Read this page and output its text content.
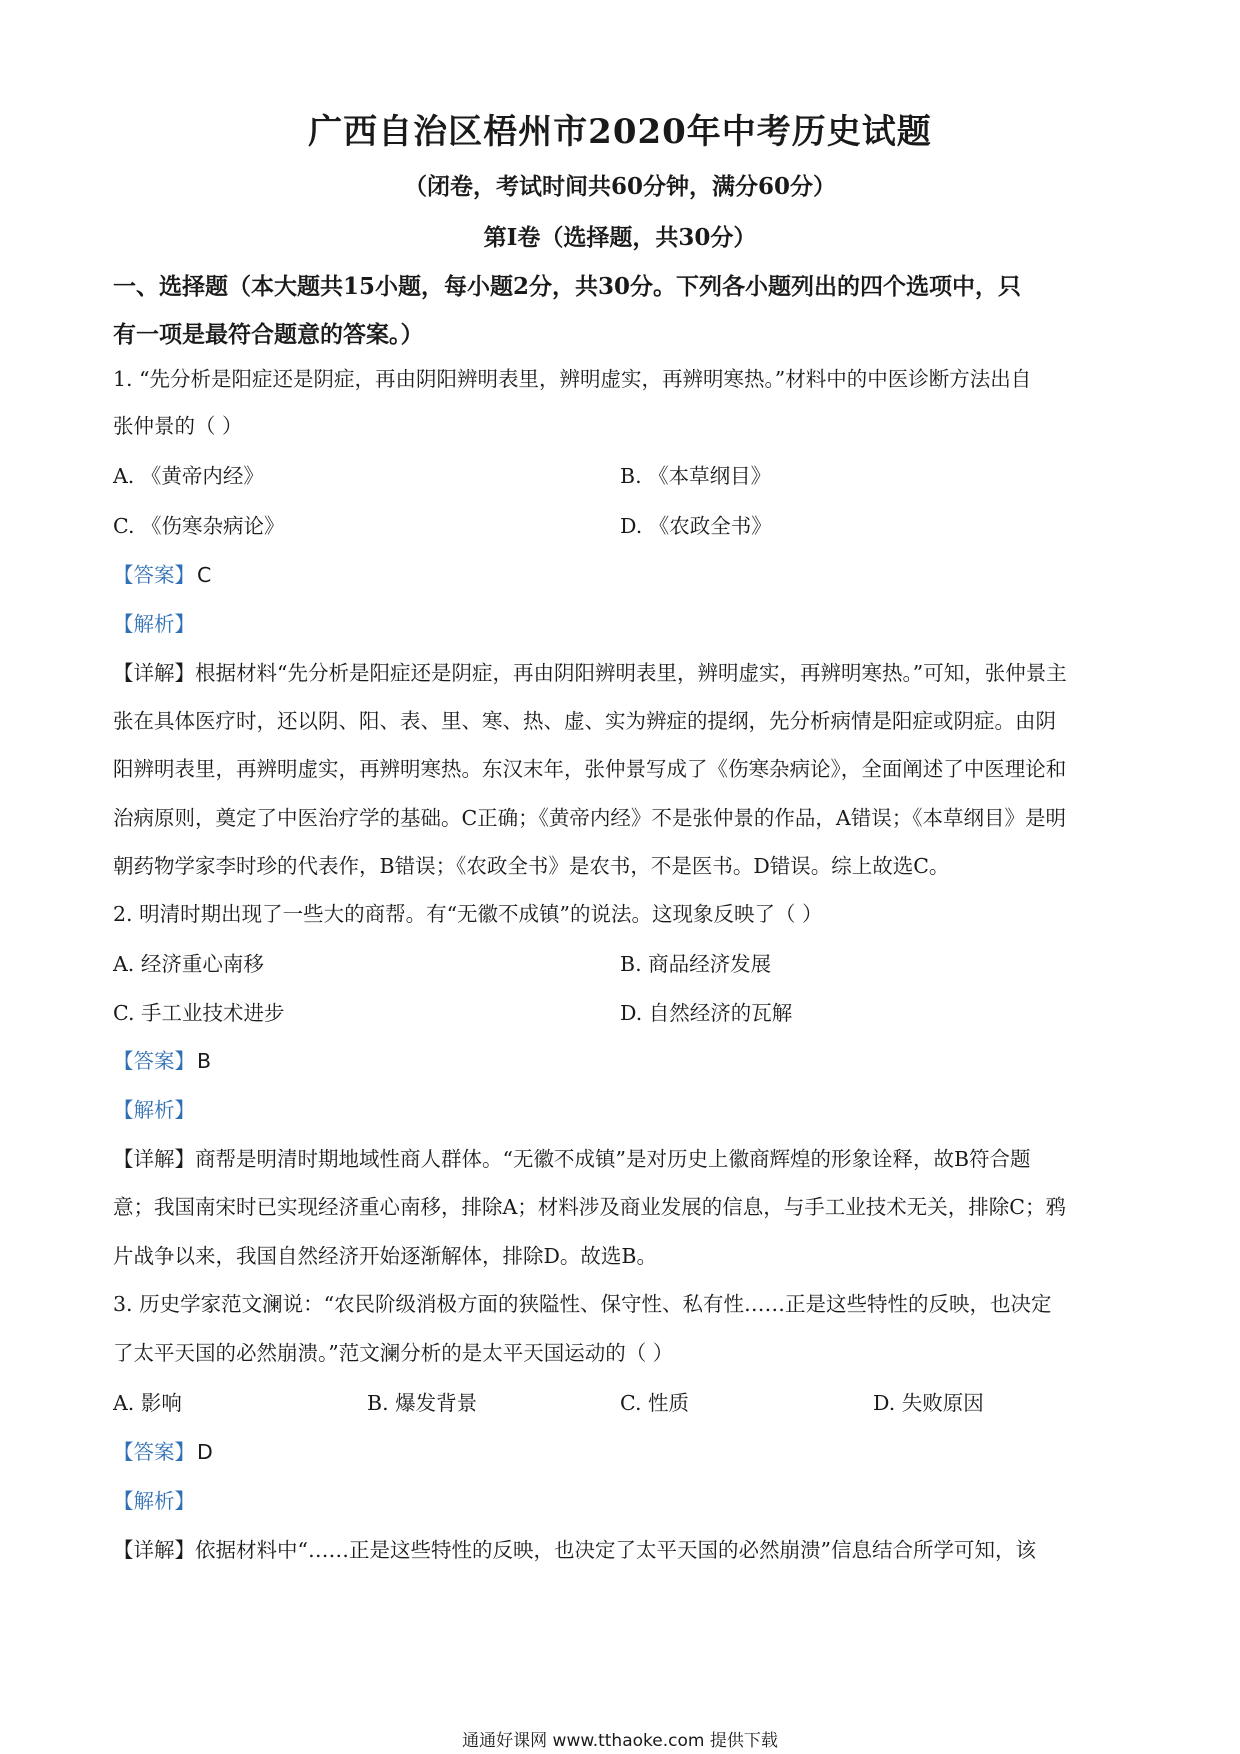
广西自治区梧州市2020年中考历史试题
（闭卷，考试时间共60分钟，满分60分）
第Ⅰ卷（选择题，共30分）
一、选择题（本大题共15小题，每小题2分，共30分。下列各小题列出的四个选项中，只
有一项是最符合题意的答案。）
1. “先分析是阳症还是阴症，再由阴阳辨明表里，辨明虚实，再辨明寒热。”材料中的中医诊断方法出自
张仲景的（ ）
A. 《黄帝内经》	B. 《本草纲目》
C. 《伤寒杂病论》	D. 《农政全书》
【答案】C
【解析】
【详解】根据材料“先分析是阳症还是阴症，再由阴阳辨明表里，辨明虚实，再辨明寒热。”可知，张仲景主
张在具体医疗时，还以阴、阳、表、里、寒、热、虚、实为辨症的提纲，先分析病情是阳症或阴症。由阴
阳辨明表里，再辨明虚实，再辨明寒热。东汉末年，张仲景写成了《伤寒杂病论》，全面阐述了中医理论和
治病原则，奠定了中医治疗学的基础。C正确；《黄帝内经》不是张仲景的作品，A错误；《本草纲目》是明
朝药物学家李时珍的代表作，B错误；《农政全书》是农书，不是医书。D错误。综上故选C。
2. 明清时期出现了一些大的商帮。有“无徽不成镇”的说法。这现象反映了（ ）
A. 经济重心南移	B. 商品经济发展
C. 手工业技术进步	D. 自然经济的瓦解
【答案】B
【解析】
【详解】商帮是明清时期地域性商人群体。“无徽不成镇”是对历史上徽商辉煌的形象诠释，故B符合题
意；我国南宋时已实现经济重心南移，排除A；材料涉及商业发展的信息，与手工业技术无关，排除C；鸦
片战争以来，我国自然经济开始逐渐解体，排除D。故选B。
3. 历史学家范文澜说：“农民阶级消极方面的狭隘性、保守性、私有性……正是这些特性的反映，也决定
了太平天国的必然崩溃。”范文澜分析的是太平天国运动的（ ）
A. 影响	B. 爆发背景	C. 性质	D. 失败原因
【答案】D
【解析】
【详解】依据材料中“……正是这些特性的反映，也决定了太平天国的必然崩溃”信息结合所学可知，该
通通好课网 www.tthaoke.com 提供下载
